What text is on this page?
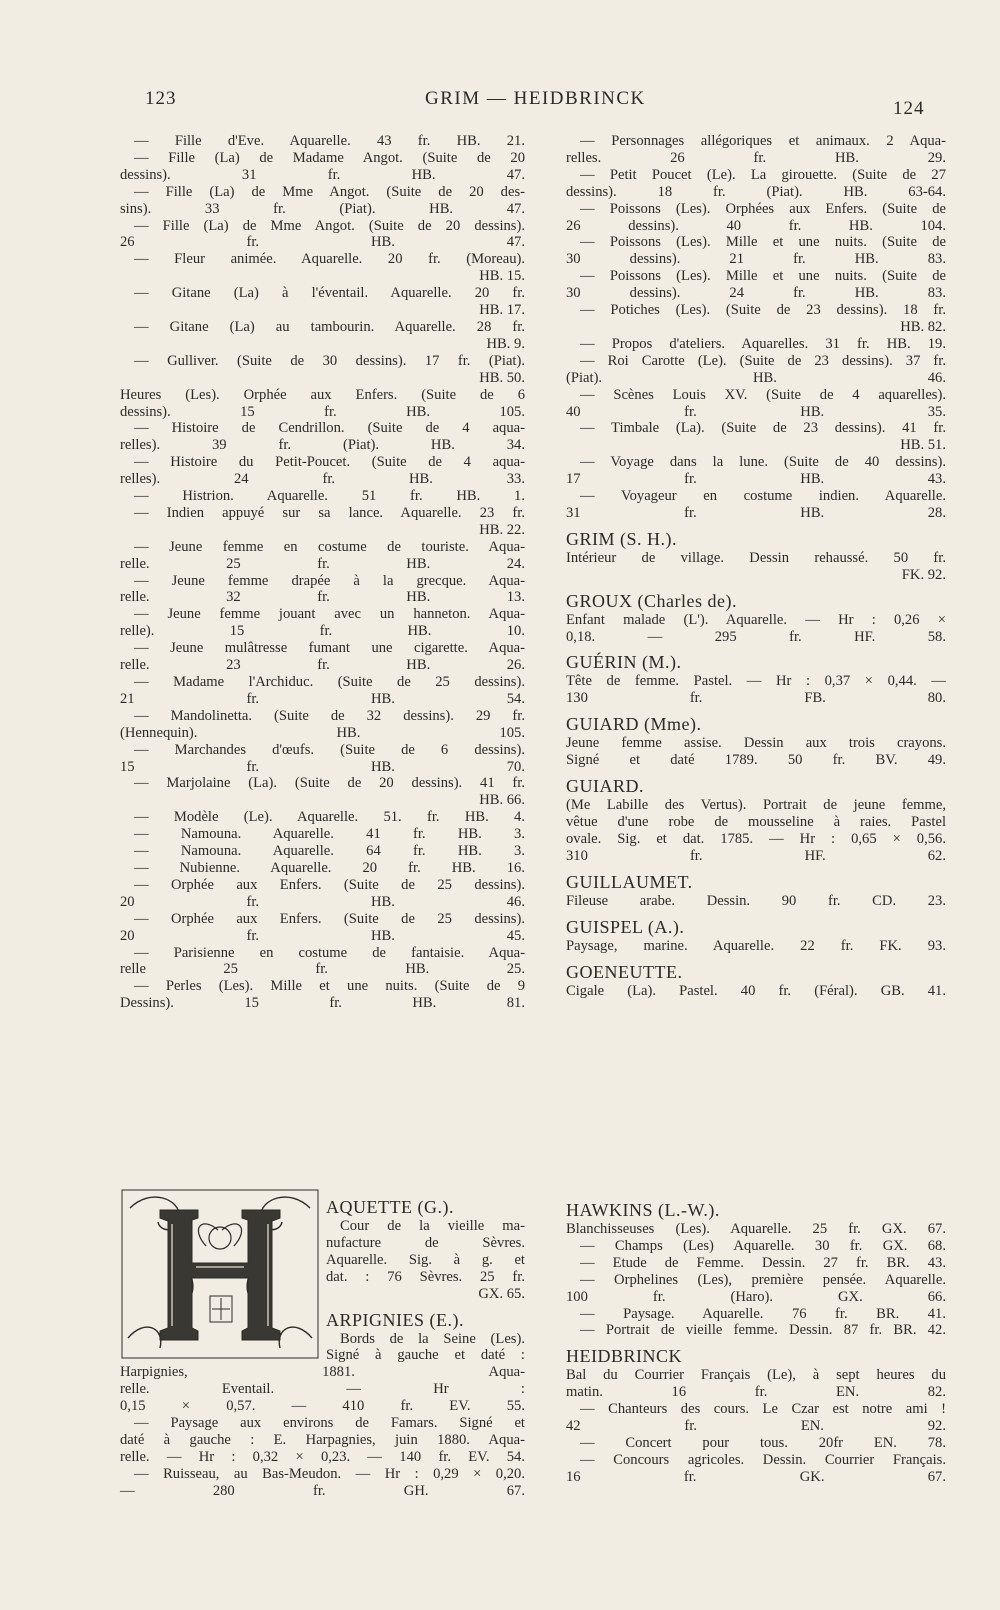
123	GRIM — HEIDBRINCK	124
— Fille d'Eve. Aquarelle. 43 fr. HB. 21.
— Fille (La) de Madame Angot. (Suite de 20
dessins). 31 fr. HB. 47.
— Fille (La) de Mme Angot. (Suite de 20 des-
sins). 33 fr. (Piat). HB. 47.
— Fille (La) de Mme Angot. (Suite de 20 dessins).
26 fr. HB. 47.
— Fleur animée. Aquarelle. 20 fr. (Moreau).
HB. 15.
— Gitane (La) à l'éventail. Aquarelle. 20 fr.
HB. 17.
— Gitane (La) au tambourin. Aquarelle. 28 fr.
HB. 9.
— Gulliver. (Suite de 30 dessins). 17 fr. (Piat).
HB. 50.
Heures (Les). Orphée aux Enfers. (Suite de 6
dessins). 15 fr. HB. 105.
— Histoire de Cendrillon. (Suite de 4 aqua-
relles). 39 fr. (Piat). HB. 34.
— Histoire du Petit-Poucet. (Suite de 4 aqua-
relles). 24 fr. HB. 33.
— Histrion. Aquarelle. 51 fr. HB. 1.
— Indien appuyé sur sa lance. Aquarelle. 23 fr.
HB. 22.
— Jeune femme en costume de touriste. Aqua-
relle. 25 fr. HB. 24.
— Jeune femme drapée à la grecque. Aqua-
relle. 32 fr. HB. 13.
— Jeune femme jouant avec un hanneton. Aqua-
relle). 15 fr. HB. 10.
— Jeune mulâtresse fumant une cigarette. Aqua-
relle. 23 fr. HB. 26.
— Madame l'Archiduc. (Suite de 25 dessins).
21 fr. HB. 54.
— Mandolinetta. (Suite de 32 dessins). 29 fr.
(Hennequin). HB. 105.
— Marchandes d'œufs. (Suite de 6 dessins).
15 fr. HB. 70.
— Marjolaine (La). (Suite de 20 dessins). 41 fr.
HB. 66.
— Modèle (Le). Aquarelle. 51. fr. HB. 4.
— Namouna. Aquarelle. 41 fr. HB. 3.
— Namouna. Aquarelle. 64 fr. HB. 3.
— Nubienne. Aquarelle. 20 fr. HB. 16.
— Orphée aux Enfers. (Suite de 25 dessins).
20 fr. HB. 46.
— Orphée aux Enfers. (Suite de 25 dessins).
20 fr. HB. 45.
— Parisienne en costume de fantaisie. Aqua-
relle 25 fr. HB. 25.
— Perles (Les). Mille et une nuits. (Suite de 9
Dessins). 15 fr. HB. 81.
— Personnages allégoriques et animaux. 2 Aqua-
relles. 26 fr. HB. 29.
— Petit Poucet (Le). La girouette. (Suite de 27
dessins). 18 fr. (Piat). HB. 63-64.
— Poissons (Les). Orphées aux Enfers. (Suite de
26 dessins). 40 fr. HB. 104.
— Poissons (Les). Mille et une nuits. (Suite de
30 dessins). 21 fr. HB. 83.
— Poissons (Les). Mille et une nuits. (Suite de
30 dessins). 24 fr. HB. 83.
— Potiches (Les). (Suite de 23 dessins). 18 fr.
HB. 82.
— Propos d'ateliers. Aquarelles. 31 fr. HB. 19.
— Roi Carotte (Le). (Suite de 23 dessins). 37 fr.
(Piat). HB. 46.
— Scènes Louis XV. (Suite de 4 aquarelles).
40 fr. HB. 35.
— Timbale (La). (Suite de 23 dessins). 41 fr.
HB. 51.
— Voyage dans la lune. (Suite de 40 dessins).
17 fr. HB. 43.
— Voyageur en costume indien. Aquarelle.
31 fr. HB. 28.
GRIM (S. H.).
Intérieur de village. Dessin rehaussé. 50 fr.
FK. 92.
GROUX (Charles de).
Enfant malade (L'). Aquarelle. — Hr : 0,26 ×
0,18. — 295 fr. HF. 58.
GUÉRIN (M.).
Tête de femme. Pastel. — Hr : 0,37 × 0,44. —
130 fr. FB. 80.
GUIARD (Mme).
Jeune femme assise. Dessin aux trois crayons.
Signé et daté 1789. 50 fr. BV. 49.
GUIARD.
(Me Labille des Vertus). Portrait de jeune femme,
vêtue d'une robe de mousseline à raies. Pastel
ovale. Sig. et dat. 1785. — Hr : 0,65 × 0,56.
310 fr. HF. 62.
GUILLAUMET.
Fileuse arabe. Dessin. 90 fr. CD. 23.
GUISPEL (A.).
Paysage, marine. Aquarelle. 22 fr. FK. 93.
GOENEUTTE.
Cigale (La). Pastel. 40 fr. (Féral). GB. 41.
AQUETTE (G.).
Cour de la vieille ma-
nufacture de Sèvres.
Aquarelle. Sig. à g. et
dat. : 76 Sèvres. 25 fr.
GX. 65.
ARPIGNIES (E.).
Bords de la Seine (Les).
Signé à gauche et daté :
Harpignies, 1881. Aqua-
relle. Eventail. — Hr :
0,15 × 0,57. — 410 fr. EV. 55.
— Paysage aux environs de Famars. Signé et
daté à gauche : E. Harpagnies, juin 1880. Aqua-
relle. — Hr : 0,32 × 0,23. — 140 fr. EV. 54.
— Ruisseau, au Bas-Meudon. — Hr : 0,29 × 0,20.
— 280 fr. GH. 67.
HAWKINS (L.-W.).
Blanchisseuses (Les). Aquarelle. 25 fr. GX. 67.
— Champs (Les) Aquarelle. 30 fr. GX. 68.
— Etude de Femme. Dessin. 27 fr. BR. 43.
— Orphelines (Les), première pensée. Aquarelle.
100 fr. (Haro). GX. 66.
— Paysage. Aquarelle. 76 fr. BR. 41.
— Portrait de vieille femme. Dessin. 87 fr. BR. 42.
HEIDBRINCK
Bal du Courrier Français (Le), à sept heures du
matin. 16 fr. EN. 82.
— Chanteurs des cours. Le Czar est notre ami !
42 fr. EN. 92.
— Concert pour tous. 20fr EN. 78.
— Concours agricoles. Dessin. Courrier Français.
16 fr. GK. 67.
